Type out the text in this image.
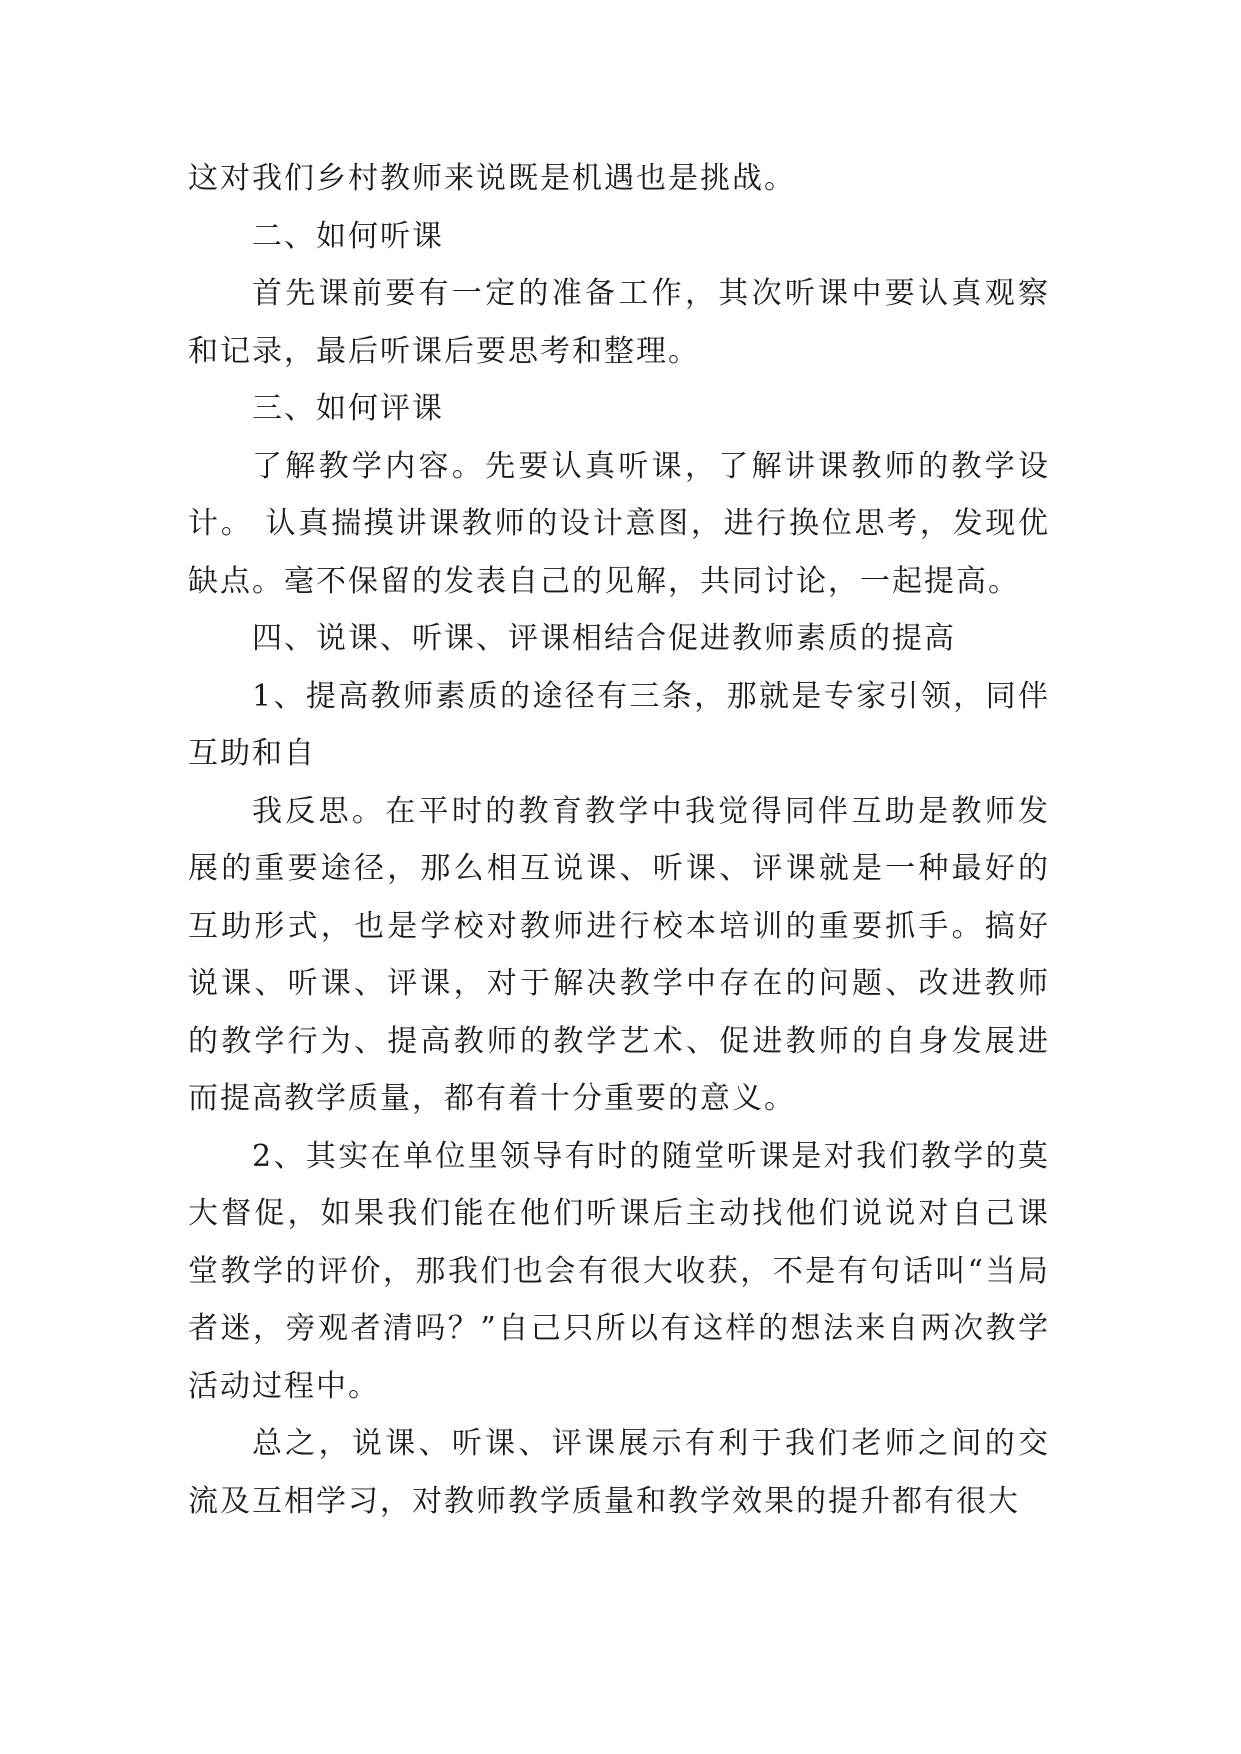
这对我们乡村教师来说既是机遇也是挑战。

二、如何听课

首先课前要有一定的准备工作，其次听课中要认真观察和记录，最后听课后要思考和整理。

三、如何评课

了解教学内容。先要认真听课，了解讲课教师的教学设计。 认真揣摸讲课教师的设计意图，进行换位思考，发现优缺点。毫不保留的发表自己的见解，共同讨论，一起提高。

四、说课、听课、评课相结合促进教师素质的提高

1、提高教师素质的途径有三条，那就是专家引领，同伴互助和自

我反思。在平时的教育教学中我觉得同伴互助是教师发展的重要途径，那么相互说课、听课、评课就是一种最好的互助形式，也是学校对教师进行校本培训的重要抓手。搞好说课、听课、评课，对于解决教学中存在的问题、改进教师的教学行为、提高教师的教学艺术、促进教师的自身发展进而提高教学质量，都有着十分重要的意义。

2、其实在单位里领导有时的随堂听课是对我们教学的莫大督促，如果我们能在他们听课后主动找他们说说对自己课堂教学的评价，那我们也会有很大收获，不是有句话叫“当局者迷，旁观者清吗？”自己只所以有这样的想法来自两次教学活动过程中。

总之，说课、听课、评课展示有利于我们老师之间的交流及互相学习，对教师教学质量和教学效果的提升都有很大
